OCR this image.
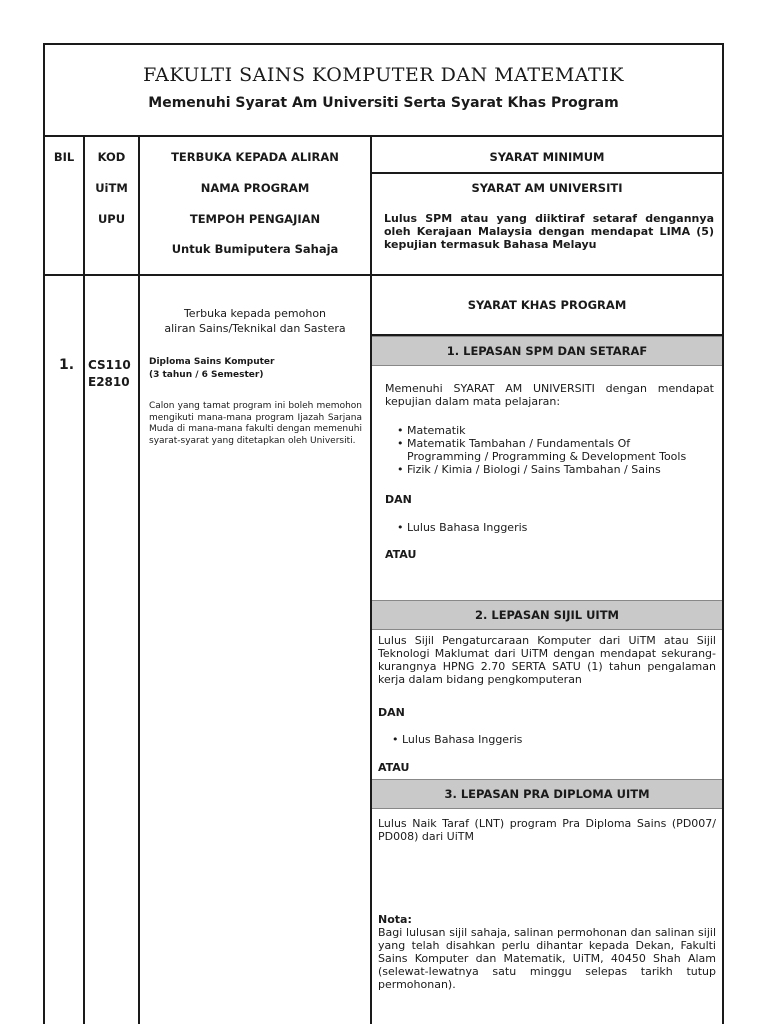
FAKULTI SAINS KOMPUTER DAN MATEMATIK

Memenuhi Syarat Am Universiti Serta Syarat Khas Program

BIL	KOD

UiTM

UPU

TERBUKA KEPADA ALIRAN

NAMA PROGRAM

TEMPOH PENGAJIAN

Untuk Bumiputera Sahaja

SYARAT MINIMUM

SYARAT AM UNIVERSITI

Lulus SPM atau yang diiktiraf setaraf dengannya oleh Kerajaan Malaysia dengan mendapat LIMA (5) kepujian termasuk Bahasa Melayu

1. CS110

E2810

Terbuka kepada pemohon

aliran Sains/Teknikal dan Sastera

Diploma Sains Komputer

(3 tahun / 6 Semester)

Calon yang tamat program ini boleh memohon mengikuti mana-mana program Ijazah Sarjana Muda di mana-mana fakulti dengan memenuhi syarat-syarat yang ditetapkan oleh Universiti.

SYARAT KHAS PROGRAM

1. LEPASAN SPM DAN SETARAF

Memenuhi SYARAT AM UNIVERSITI dengan mendapat kepujian dalam mata pelajaran:

• Matematik
• Matematik Tambahan / Fundamentals Of Programming / Programming & Development Tools
• Fizik / Kimia / Biologi / Sains Tambahan / Sains

DAN

• Lulus Bahasa Inggeris

ATAU

2. LEPASAN SIJIL UITM

Lulus Sijil Pengaturcaraan Komputer dari UiTM atau Sijil Teknologi Maklumat dari UiTM dengan mendapat sekurang-kurangnya HPNG 2.70 SERTA SATU (1) tahun pengalaman kerja dalam bidang pengkomputeran

DAN

• Lulus Bahasa Inggeris

ATAU

3. LEPASAN PRA DIPLOMA UITM

Lulus Naik Taraf (LNT) program Pra Diploma Sains (PD007/ PD008) dari UiTM

Nota:

Bagi lulusan sijil sahaja, salinan permohonan dan salinan sijil yang telah disahkan perlu dihantar kepada Dekan, Fakulti Sains Komputer dan Matematik, UiTM, 40450 Shah Alam (selewat-lewatnya satu minggu selepas tarikh tutup permohonan).
